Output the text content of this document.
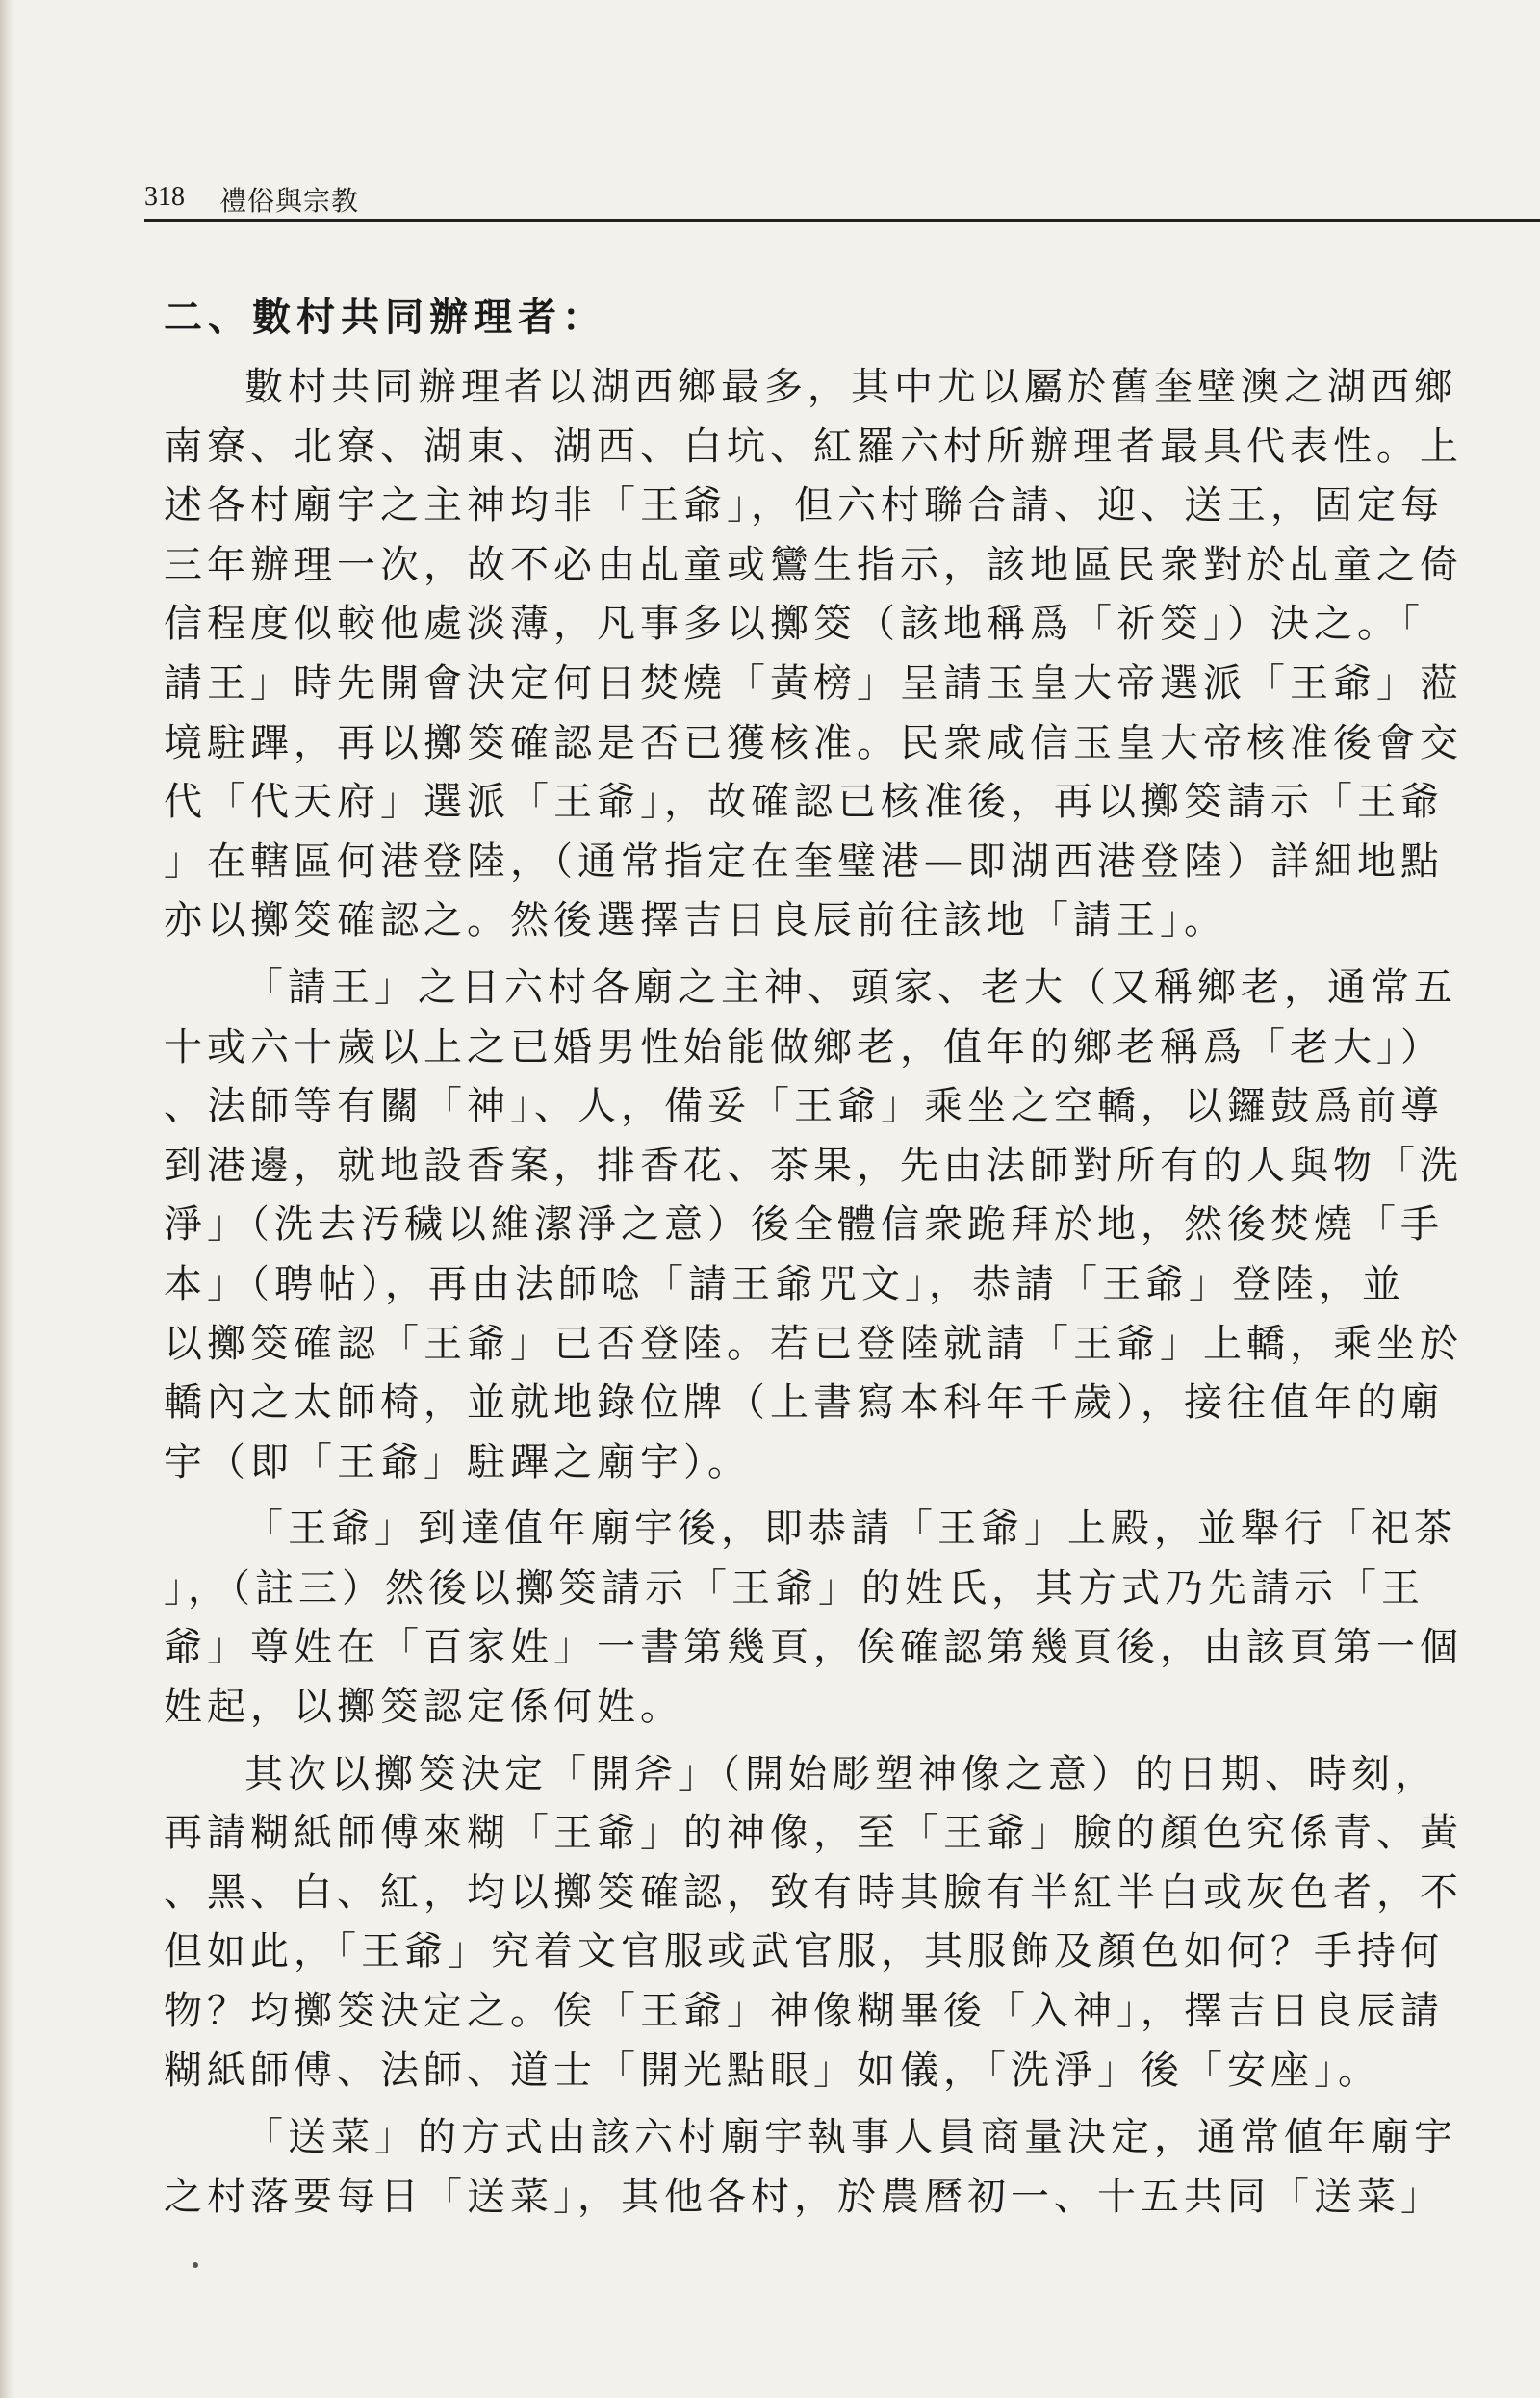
318 禮俗與宗教
二、數村共同辦理者：
數村共同辦理者以湖西鄉最多，其中尤以屬於舊奎壁澳之湖西鄉
南寮、北寮、湖東、湖西、白坑、紅羅六村所辦理者最具代表性。上
述各村廟宇之主神均非「王爺」，但六村聯合請、迎、送王，固定每
三年辦理一次，故不必由乩童或鸞生指示，該地區民衆對於乩童之倚
信程度似較他處淡薄，凡事多以擲筊（該地稱爲「祈筊」）決之。「
請王」時先開會決定何日焚燒「黃榜」呈請玉皇大帝選派「王爺」蒞
境駐蹕，再以擲筊確認是否已獲核准。民衆咸信玉皇大帝核准後會交
代「代天府」選派「王爺」，故確認已核准後，再以擲筊請示「王爺
」在轄區何港登陸，（通常指定在奎璧港—即湖西港登陸）詳細地點
亦以擲筊確認之。然後選擇吉日良辰前往該地「請王」。
「請王」之日六村各廟之主神、頭家、老大（又稱鄉老，通常五
十或六十歲以上之已婚男性始能做鄉老，值年的鄉老稱爲「老大」）
、法師等有關「神」、人，備妥「王爺」乘坐之空轎，以鑼鼓爲前導
到港邊，就地設香案，排香花、茶果，先由法師對所有的人與物「洗
淨」（洗去汚穢以維潔淨之意）後全體信衆跪拜於地，然後焚燒「手
本」（聘帖），再由法師唸「請王爺咒文」，恭請「王爺」登陸，並
以擲筊確認「王爺」已否登陸。若已登陸就請「王爺」上轎，乘坐於
轎內之太師椅，並就地錄位牌（上書寫本科年千歲），接往值年的廟
宇（即「王爺」駐蹕之廟宇）。
「王爺」到達值年廟宇後，即恭請「王爺」上殿，並舉行「祀茶
」，（註三）然後以擲筊請示「王爺」的姓氏，其方式乃先請示「王
爺」尊姓在「百家姓」一書第幾頁，俟確認第幾頁後，由該頁第一個
姓起，以擲筊認定係何姓。
其次以擲筊決定「開斧」（開始彫塑神像之意）的日期、時刻，
再請糊紙師傅來糊「王爺」的神像，至「王爺」臉的顏色究係青、黃
、黑、白、紅，均以擲筊確認，致有時其臉有半紅半白或灰色者，不
但如此，「王爺」究着文官服或武官服，其服飾及顏色如何？手持何
物？均擲筊決定之。俟「王爺」神像糊畢後「入神」，擇吉日良辰請
糊紙師傅、法師、道士「開光點眼」如儀，「洗淨」後「安座」。
「送菜」的方式由該六村廟宇執事人員商量決定，通常値年廟宇
之村落要每日「送菜」，其他各村，於農曆初一、十五共同「送菜」
